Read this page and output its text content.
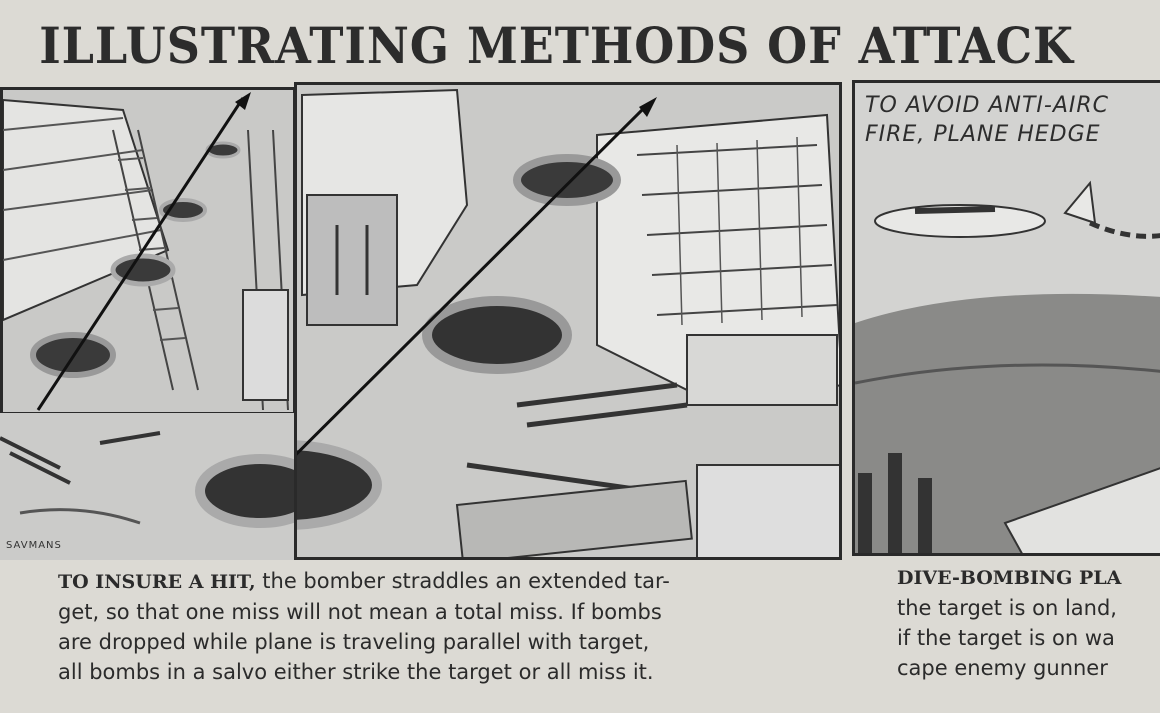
ILLUSTRATING METHODS OF ATTACK
TO AVOID ANTI-AIRC
FIRE, PLANE HEDGE
SAVMANS
TO INSURE A HIT, the bomber straddles an extended tar-
get, so that one miss will not mean a total miss. If bombs
are dropped while plane is traveling parallel with target,
all bombs in a salvo either strike the target or all miss it.
DIVE-BOMBING PLA
the target is on land,
if the target is on wa
cape enemy gunner
